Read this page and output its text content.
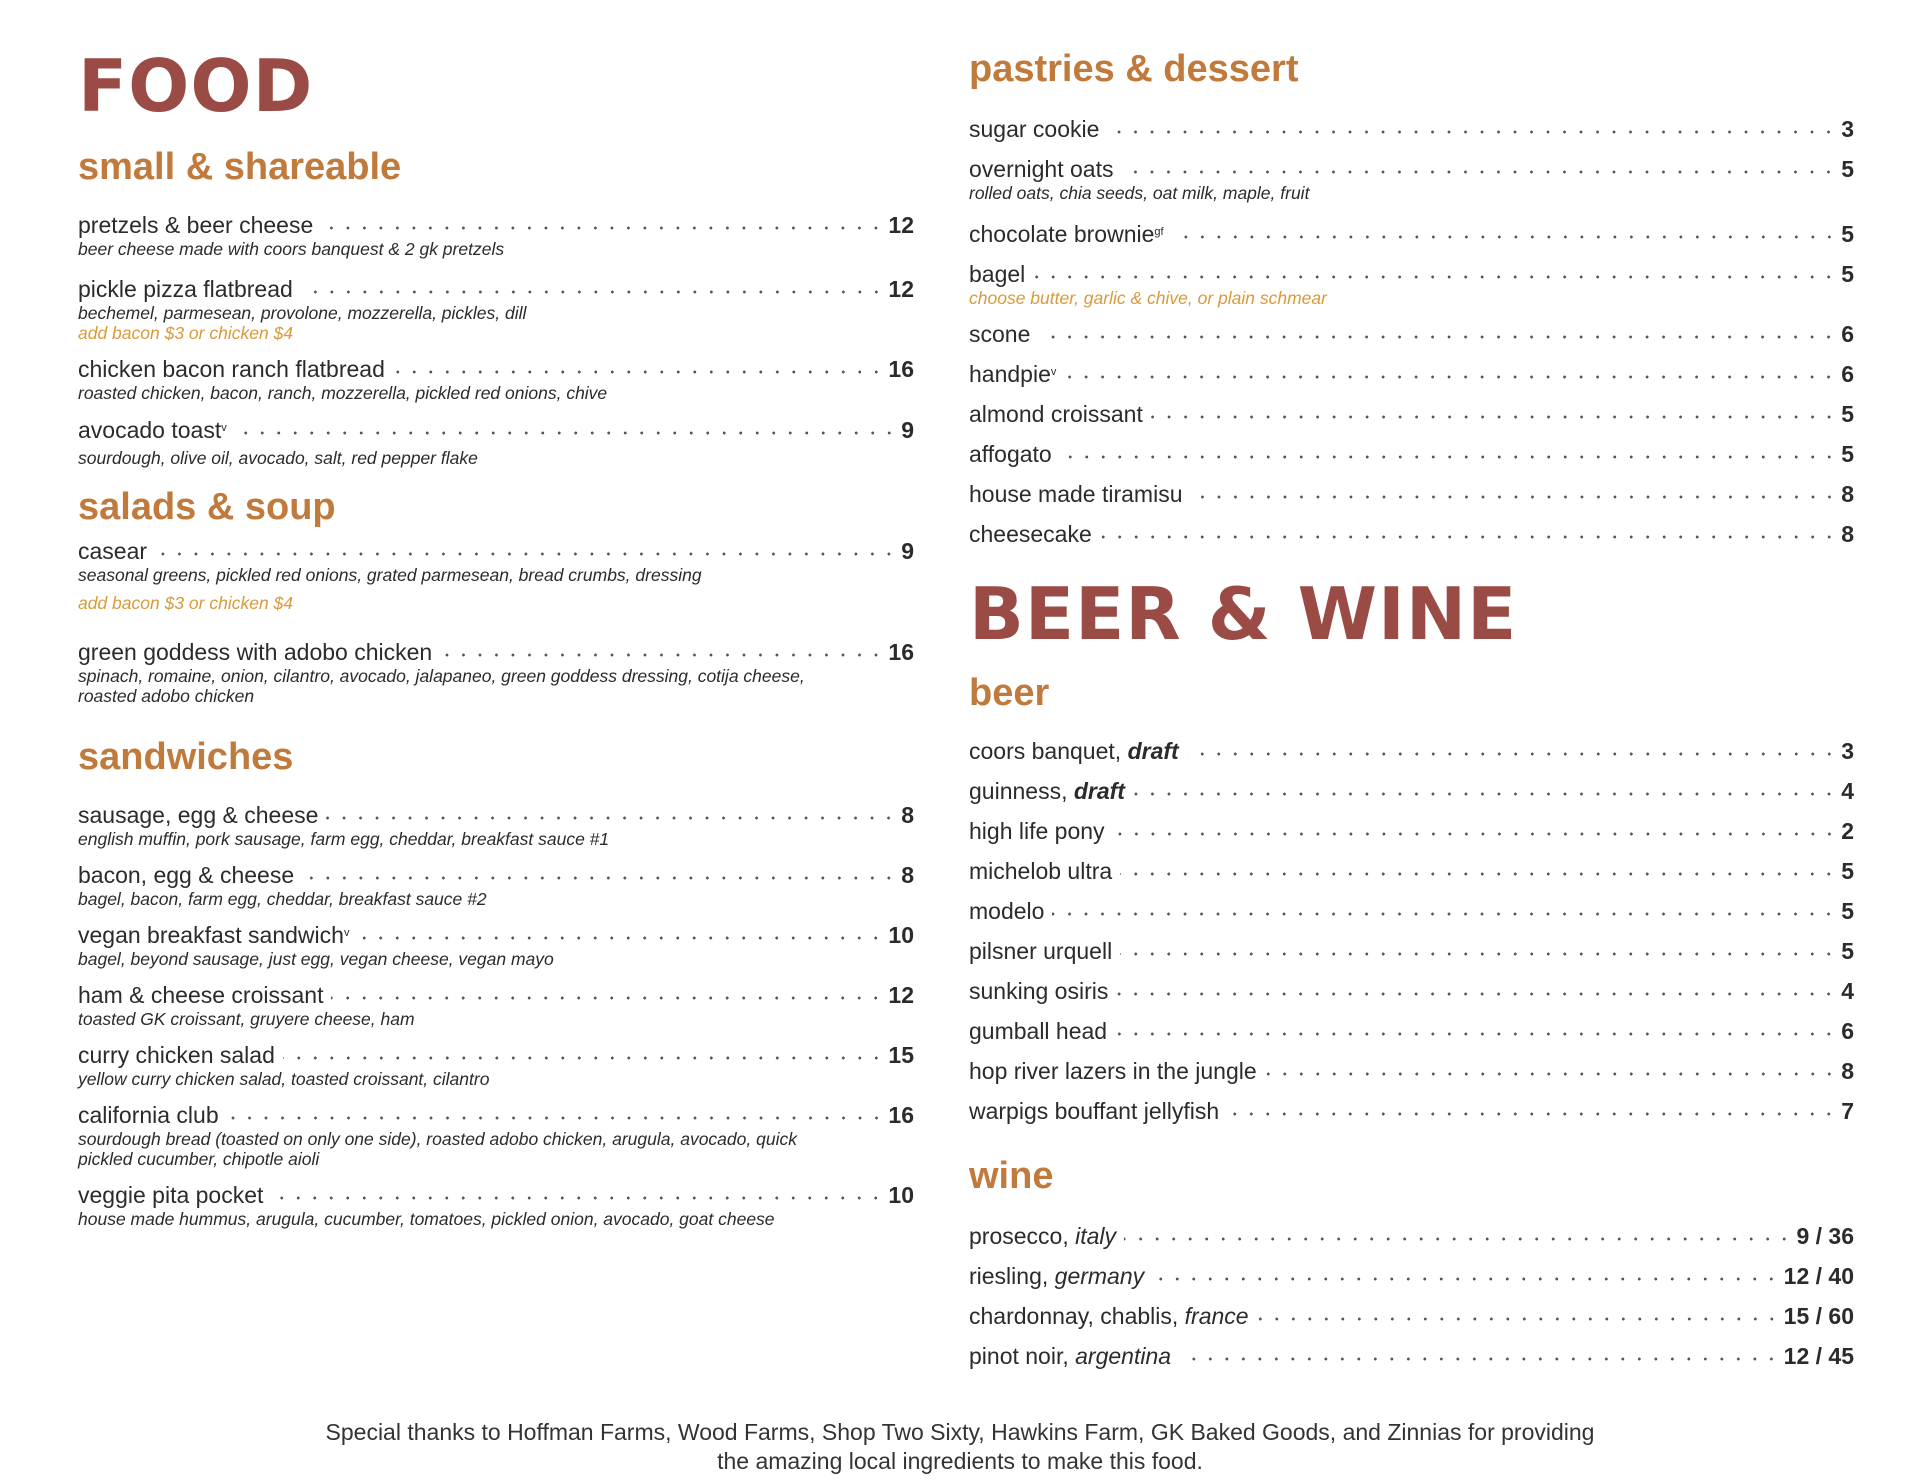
FOOD
small & shareable
pretzels & beer cheese	12
beer cheese made with coors banquest & 2 gk pretzels
pickle pizza flatbread	12
bechemel, parmesean, provolone, mozzerella, pickles, dill
add bacon $3 or chicken $4
chicken bacon ranch flatbread	16
roasted chicken, bacon, ranch, mozzerella, pickled red onions, chive
avocado toast$^v$	9
sourdough, olive oil, avocado, salt, red pepper flake
salads & soup
casear	9
seasonal greens, pickled red onions, grated parmesean, bread crumbs, dressing
add bacon $3 or chicken $4
green goddess with adobo chicken	16
spinach, romaine, onion, cilantro, avocado, jalapaneo, green goddess dressing, cotija cheese,
roasted adobo chicken
sandwiches
sausage, egg & cheese	8
english muffin, pork sausage, farm egg, cheddar, breakfast sauce #1
bacon, egg & cheese	8
bagel, bacon, farm egg, cheddar, breakfast sauce #2
vegan breakfast sandwich$^v$	10
bagel, beyond sausage, just egg, vegan cheese, vegan mayo
ham & cheese croissant	12
toasted GK croissant, gruyere cheese, ham
curry chicken salad	15
yellow curry chicken salad, toasted croissant, cilantro
california club	16
sourdough bread (toasted on only one side), roasted adobo chicken, arugula, avocado, quick
pickled cucumber, chipotle aioli
veggie pita pocket	10
house made hummus, arugula, cucumber, tomatoes, pickled onion, avocado, goat cheese
pastries & dessert
sugar cookie	3
overnight oats	5
rolled oats, chia seeds, oat milk, maple, fruit
chocolate brownie$^{gf}$	5
bagel	5
choose butter, garlic & chive, or plain schmear
scone	6
handpie$^v$	6
almond croissant	5
affogato	5
house made tiramisu	8
cheesecake	8
BEER & WINE
beer
coors banquet, draft	3
guinness, draft	4
high life pony	2
michelob ultra	5
modelo	5
pilsner urquell	5
sunking osiris	4
gumball head	6
hop river lazers in the jungle	8
warpigs bouffant jellyfish	7
wine
prosecco, italy	9 / 36
riesling, germany	12 / 40
chardonnay, chablis, france	15 / 60
pinot noir, argentina	12 / 45
Special thanks to Hoffman Farms, Wood Farms, Shop Two Sixty, Hawkins Farm, GK Baked Goods, and Zinnias for providing
the amazing local ingredients to make this food.
